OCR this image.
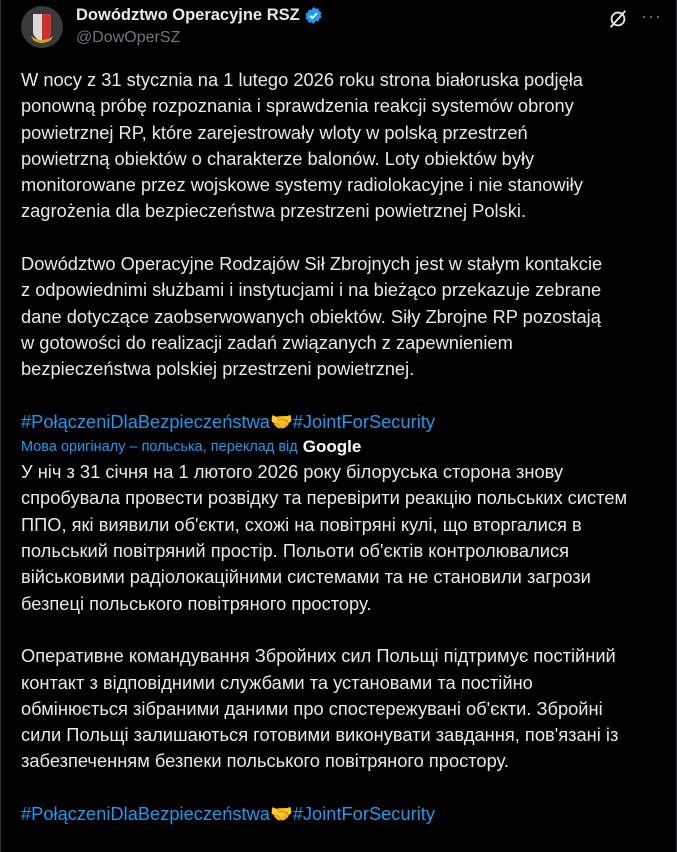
Dowództwo Operacyjne RSZ
@DowOperSZ
···
W nocy z 31 stycznia na 1 lutego 2026 roku strona białoruska podjęła
ponowną próbę rozpoznania i sprawdzenia reakcji systemów obrony
powietrznej RP, które zarejestrowały wloty w polską przestrzeń
powietrzną obiektów o charakterze balonów. Loty obiektów były
monitorowane przez wojskowe systemy radiolokacyjne i nie stanowiły
zagrożenia dla bezpieczeństwa przestrzeni powietrznej Polski.
Dowództwo Operacyjne Rodzajów Sił Zbrojnych jest w stałym kontakcie
z odpowiednimi służbami i instytucjami i na bieżąco przekazuje zebrane
dane dotyczące zaobserwowanych obiektów. Siły Zbrojne RP pozostają
w gotowości do realizacji zadań związanych z zapewnieniem
bezpieczeństwa polskiej przestrzeni powietrznej.
#PołączeniDlaBezpieczeństwa🤝#JointForSecurity
Мова оригіналу – польська, переклад від Google
У ніч з 31 січня на 1 лютого 2026 року білоруська сторона знову
спробувала провести розвідку та перевірити реакцію польських систем
ППО, які виявили об'єкти, схожі на повітряні кулі, що вторгалися в
польський повітряний простір. Польоти об'єктів контролювалися
військовими радіолокаційними системами та не становили загрози
безпеці польського повітряного простору.
Оперативне командування Збройних сил Польщі підтримує постійний
контакт з відповідними службами та установами та постійно
обмінюється зібраними даними про спостережувані об'єкти. Збройні
сили Польщі залишаються готовими виконувати завдання, пов'язані із
забезпеченням безпеки польського повітряного простору.
#PołączeniDlaBezpieczeństwa🤝#JointForSecurity
